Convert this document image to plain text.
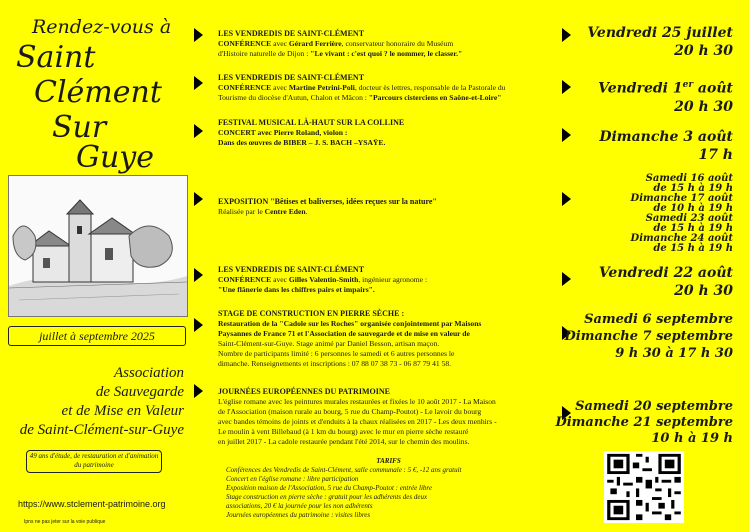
Rendez-vous à
Saint
Clément
Sur
Guye
juillet à septembre 2025
Association
de Sauvegarde
et de Mise en Valeur
de Saint-Clément-sur-Guye
49 ans d'étude, de restauration et d'animation du patrimoine
https://www.stclement-patrimoine.org
Ipns ne pas jeter sur la voie publique
LES VENDREDIS DE SAINT-CLÉMENT
CONFÉRENCE avec Gérard Ferrière, conservateur honoraire du Muséum
d'Histoire naturelle de Dijon : "Le vivant : c'est quoi ? le nommer, le classer."
Vendredi 25 juillet
20 h 30
LES VENDREDIS DE SAINT-CLÉMENT
CONFÉRENCE avec Martine Petrini-Poli, docteur ès lettres, responsable de la Pastorale du
Tourisme du diocèse d'Autun, Chalon et Mâcon : "Parcours cisterciens en Saône-et-Loire"
Vendredi 1er août
20 h 30
FESTIVAL MUSICAL LÀ-HAUT SUR LA COLLINE
CONCERT avec Pierre Roland, violon :
Dans des œuvres de BIBER – J. S. BACH –YSAŸE.	Dimanche 3 août
17 h
EXPOSITION "Bêtises et baliverses, idées reçues sur la nature"
Réalisée par le Centre Eden.
Samedi 16 août
de 15 h à 19 h
Dimanche 17 août
de 10 h à 19 h
Samedi 23 août
de 15 h à 19 h
Dimanche 24 août
de 15 h à 19 h
LES VENDREDIS DE SAINT-CLÉMENT
CONFÉRENCE avec Gilles Valentin-Smith, ingénieur agronome :
"Une flânerie dans les chiffres pairs et impairs".
Vendredi 22 août
20 h 30
STAGE DE CONSTRUCTION EN PIERRE SÈCHE :
Restauration de la "Cadole sur les Roches" organisée conjointement par Maisons
Paysannes de France 71 et l'Association de sauvegarde et de mise en valeur de
Saint-Clément-sur-Guye. Stage animé par Daniel Besson, artisan maçon.
Nombre de participants limité : 6 personnes le samedi et 6 autres personnes le
dimanche. Renseignements et inscriptions : 07 88 07 38 73 - 06 87 79 41 58.
Samedi 6 septembre
Dimanche 7 septembre
9 h 30 à 17 h 30
JOURNÉES EUROPÉENNES DU PATRIMOINE
L'église romane avec les peintures murales restaurées et fixées le 10 août 2017 - La Maison
de l'Association (maison rurale au bourg, 5 rue du Champ-Poutot) - Le lavoir du bourg
avec bandes témoins de joints et d'enduits à la chaux réalisées en 2017 - Les deux menhirs -
Le moulin à vent Billebaud (à 1 km du bourg) avec le mur en pierre sèche restauré
en juillet 2017 - La cadole restaurée pendant l'été 2014, sur le chemin des moulins.
Samedi 20 septembre
Dimanche 21 septembre
10 h à 19 h
TARIFS
Conférences des Vendredis de Saint-Clément, salle communale : 5 €, -12 ans gratuit
Concert en l'église romane : libre participation
Exposition maison de l'Association, 5 rue du Champ-Poutot : entrée libre
Stage construction en pierre sèche : gratuit pour les adhérents des deux
associations, 20 € la journée pour les non adhérents
Journées européennes du patrimoine : visites libres
